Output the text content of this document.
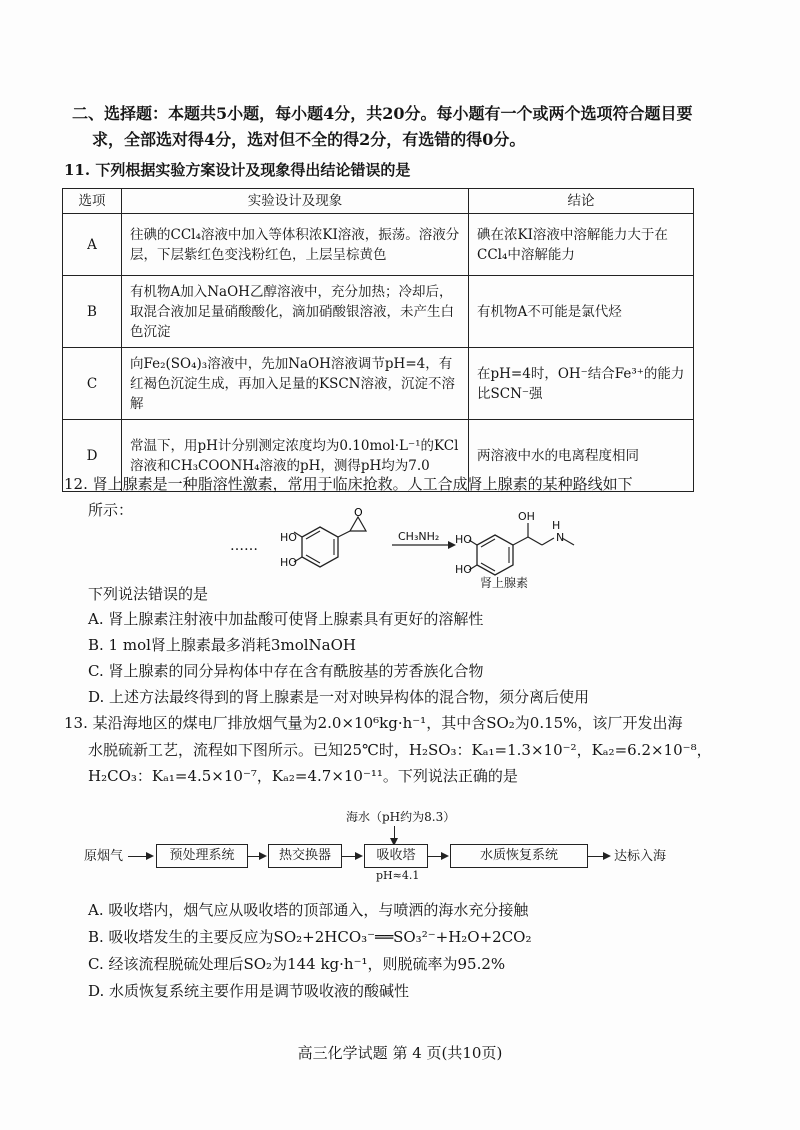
二、选择题：本题共5小题，每小题4分，共20分。每小题有一个或两个选项符合题目要
求，全部选对得4分，选对但不全的得2分，有选错的得0分。
11. 下列根据实验方案设计及现象得出结论错误的是
选项	实验设计及现象	结论
A	往碘的CCl₄溶液中加入等体积浓KI溶液，振荡。溶液分层，下层紫红色变浅粉红色，上层呈棕黄色	碘在浓KI溶液中溶解能力大于在CCl₄中溶解能力
B	有机物A加入NaOH乙醇溶液中，充分加热；冷却后，取混合液加足量硝酸酸化，滴加硝酸银溶液，未产生白色沉淀	有机物A不可能是氯代烃
C	向Fe₂(SO₄)₃溶液中，先加NaOH溶液调节pH=4，有红褐色沉淀生成，再加入足量的KSCN溶液，沉淀不溶解	在pH=4时，OH⁻结合Fe³⁺的能力比SCN⁻强
D	常温下，用pH计分别测定浓度均为0.10mol·L⁻¹的KCl溶液和CH₃COONH₄溶液的pH，测得pH均为7.0	两溶液中水的电离程度相同
12. 肾上腺素是一种脂溶性激素，常用于临床抢救。人工合成肾上腺素的某种路线如下
所示：
……
O
HO
HO
CH₃NH₂ HO
HO
OH
H
N
肾上腺素
下列说法错误的是
A. 肾上腺素注射液中加盐酸可使肾上腺素具有更好的溶解性
B. 1 mol肾上腺素最多消耗3molNaOH
C. 肾上腺素的同分异构体中存在含有酰胺基的芳香族化合物
D. 上述方法最终得到的肾上腺素是一对对映异构体的混合物，须分离后使用
13. 某沿海地区的煤电厂排放烟气量为2.0×10⁶kg·h⁻¹，其中含SO₂为0.15%，该厂开发出海
水脱硫新工艺，流程如下图所示。已知25℃时，H₂SO₃：Kₐ₁=1.3×10⁻²，Kₐ₂=6.2×10⁻⁸，
H₂CO₃：Kₐ₁=4.5×10⁻⁷，Kₐ₂=4.7×10⁻¹¹。下列说法正确的是
海水（pH约为8.3）
原烟气	预处理系统	热交换器	吸收塔	水质恢复系统	达标入海
pH≈4.1
A. 吸收塔内，烟气应从吸收塔的顶部通入，与喷洒的海水充分接触
B. 吸收塔发生的主要反应为SO₂+2HCO₃⁻══SO₃²⁻+H₂O+2CO₂
C. 经该流程脱硫处理后SO₂为144 kg·h⁻¹，则脱硫率为95.2%
D. 水质恢复系统主要作用是调节吸收液的酸碱性
高三化学试题 第 4 页(共10页)
